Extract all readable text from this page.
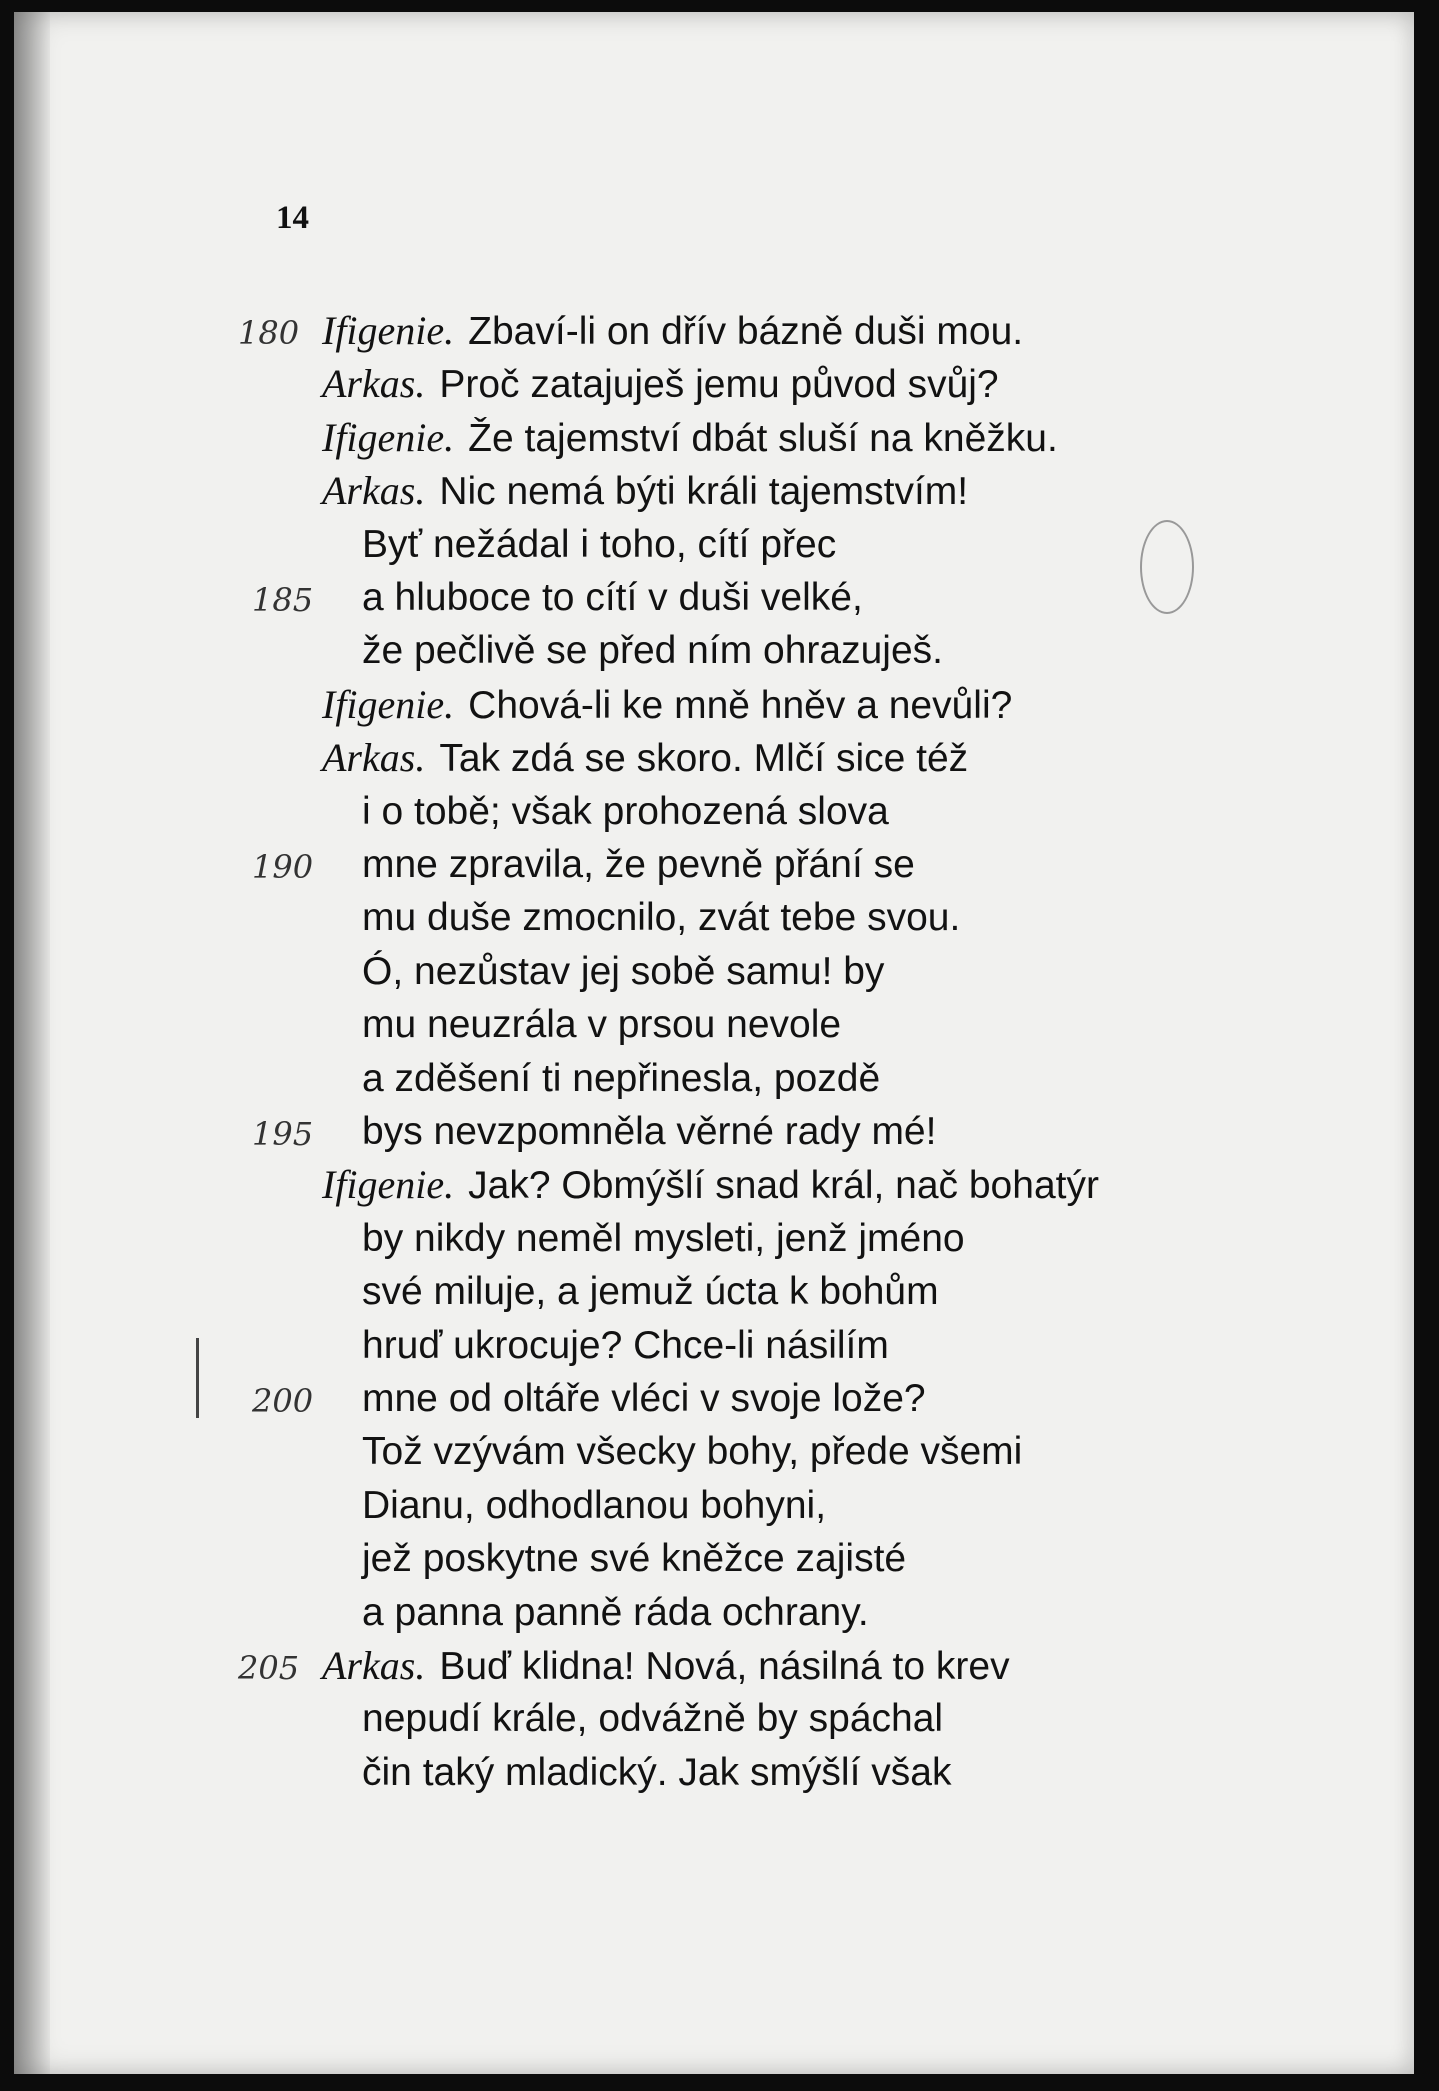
14
Ifigenie. Zbaví-li on dřív bázně duši mou.
Arkas. Proč zatajuješ jemu původ svůj?
Ifigenie. Že tajemství dbát sluší na kněžku.
Arkas. Nic nemá býti králi tajemstvím!
Byť nežádal i toho, cítí přec
a hluboce to cítí v duši velké,
že pečlivě se před ním ohrazuješ.
Ifigenie. Chová-li ke mně hněv a nevůli?
Arkas. Tak zdá se skoro. Mlčí sice též
i o tobě; však prohozená slova
mne zpravila, že pevně přání se
mu duše zmocnilo, zvát tebe svou.
Ó, nezůstav jej sobě samu! by
mu neuzrála v prsou nevole
a zděšení ti nepřinesla, pozdě
bys nevzpomněla věrné rady mé!
Ifigenie. Jak? Obmýšlí snad král, nač bohatýr
by nikdy neměl mysleti, jenž jméno
své miluje, a jemuž úcta k bohům
hruď ukrocuje? Chce-li násilím
mne od oltáře vléci v svoje lože?
Tož vzývám všecky bohy, přede všemi
Dianu, odhodlanou bohyni,
jež poskytne své kněžce zajisté
a panna panně ráda ochrany.
Arkas. Buď klidna! Nová, násilná to krev
nepudí krále, odvážně by spáchal
čin taký mladický. Jak smýšlí však
180
185
190
195
200
205
